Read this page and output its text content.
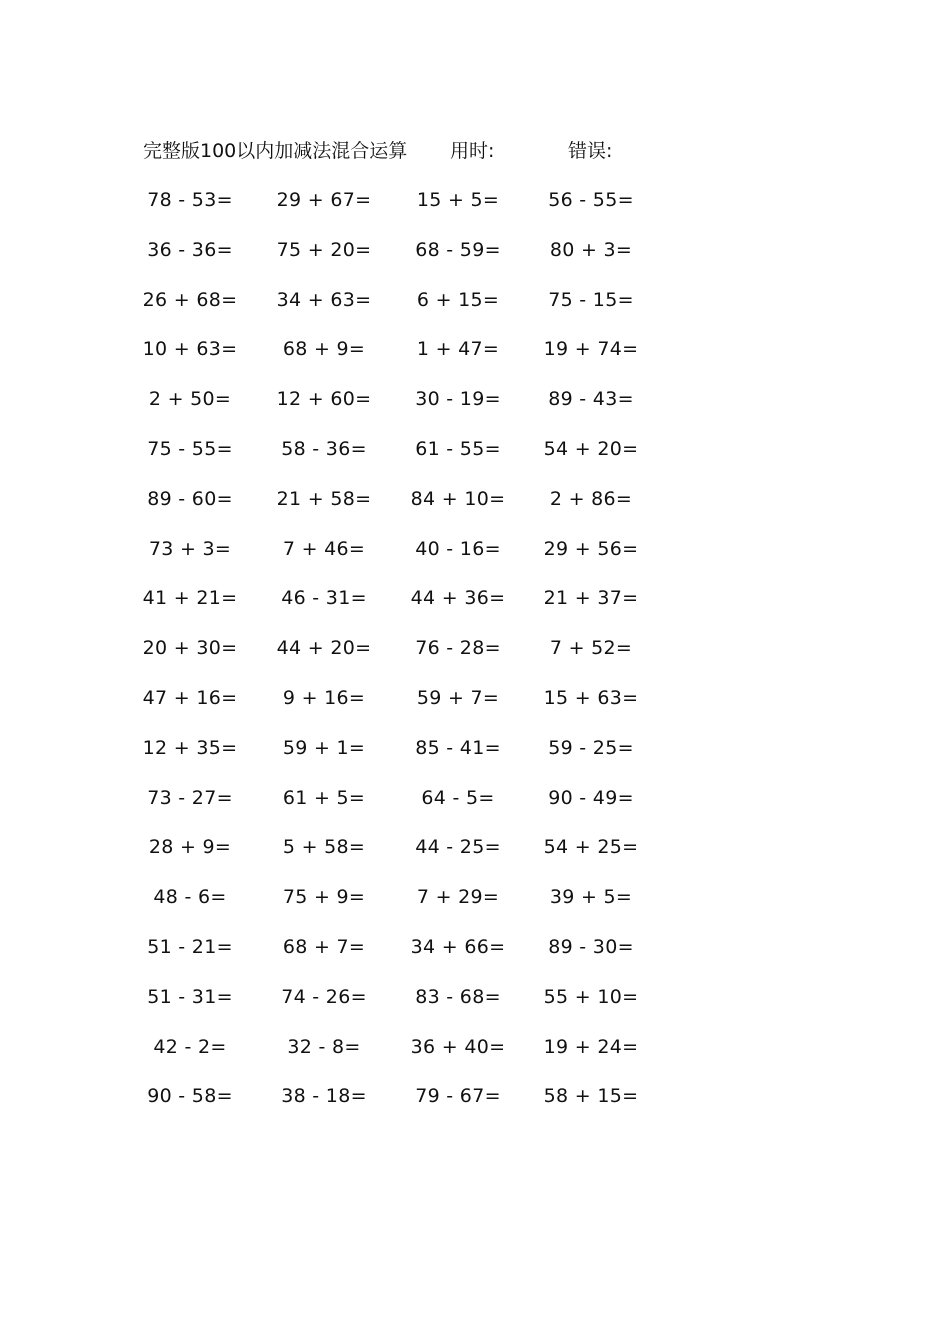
完整版100以内加减法混合运算 用时:	错误:
78 - 53= 29 + 67= 15 + 5=	56 - 55=
36 - 36= 75 + 20= 68 - 59=	80 + 3=
26 + 68= 34 + 63= 6 + 15=	75 - 15=
10 + 63= 68 + 9=	1 + 47= 19 + 74=
2 + 50= 12 + 60= 30 - 19= 89 - 43=
75 - 55=	58 - 36=	61 - 55= 54 + 20=
89 - 60= 21 + 58= 84 + 10= 2 + 86=
73 + 3=	7 + 46=	40 - 16= 29 + 56=
41 + 21= 46 - 31= 44 + 36= 21 + 37=
20 + 30= 44 + 20= 76 - 28=	7 + 52=
47 + 16= 9 + 16=	59 + 7= 15 + 63=
12 + 35= 59 + 1=	85 - 41= 59 - 25=
73 - 27=	61 + 5=	64 - 5=	90 - 49=
28 + 9=	5 + 58=	44 - 25= 54 + 25=
48 - 6=	75 + 9=	7 + 29=	39 + 5=
51 - 21=	68 + 7= 34 + 66= 89 - 30=
51 - 31=	74 - 26=	83 - 68= 55 + 10=
42 - 2=	32 - 8=	36 + 40= 19 + 24=
90 - 58=	38 - 18=	79 - 67= 58 + 15=
